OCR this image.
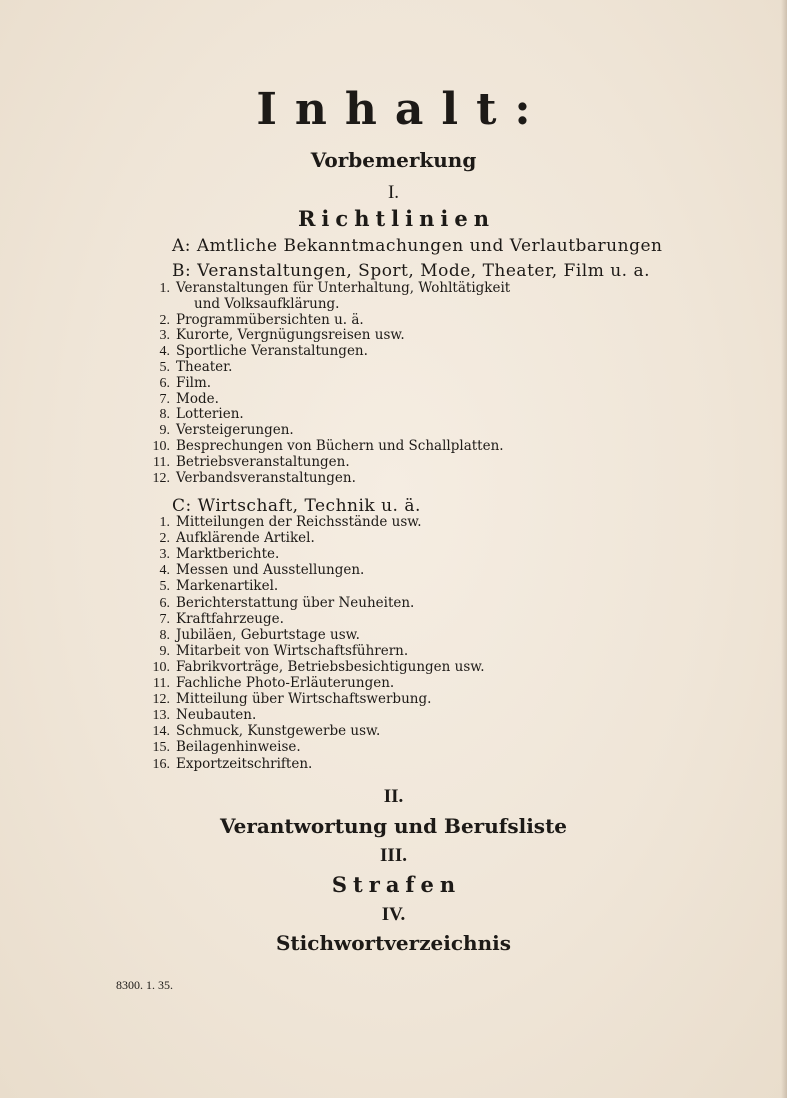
Inhalt:
Vorbemerkung
I.
Richtlinien
A: Amtliche Bekanntmachungen und Verlautbarungen
B: Veranstaltungen, Sport, Mode, Theater, Film u. a.
1. Veranstaltungen für Unterhaltung, Wohltätigkeit
und Volksaufklärung.
2. Programmübersichten u. ä.
3. Kurorte, Vergnügungsreisen usw.
4. Sportliche Veranstaltungen.
5. Theater.
6. Film.
7. Mode.
8. Lotterien.
9. Versteigerungen.
10. Besprechungen von Büchern und Schallplatten.
11. Betriebsveranstaltungen.
12. Verbandsveranstaltungen.
C: Wirtschaft, Technik u. ä.
1. Mitteilungen der Reichsstände usw.
2. Aufklärende Artikel.
3. Marktberichte.
4. Messen und Ausstellungen.
5. Markenartikel.
6. Berichterstattung über Neuheiten.
7. Kraftfahrzeuge.
8. Jubiläen, Geburtstage usw.
9. Mitarbeit von Wirtschaftsführern.
10. Fabrikvorträge, Betriebsbesichtigungen usw.
11. Fachliche Photo-Erläuterungen.
12. Mitteilung über Wirtschaftswerbung.
13. Neubauten.
14. Schmuck, Kunstgewerbe usw.
15. Beilagenhinweise.
16. Exportzeitschriften.
II.
Verantwortung und Berufsliste
III.
Strafen
IV.
Stichwortverzeichnis
8300. 1. 35.
